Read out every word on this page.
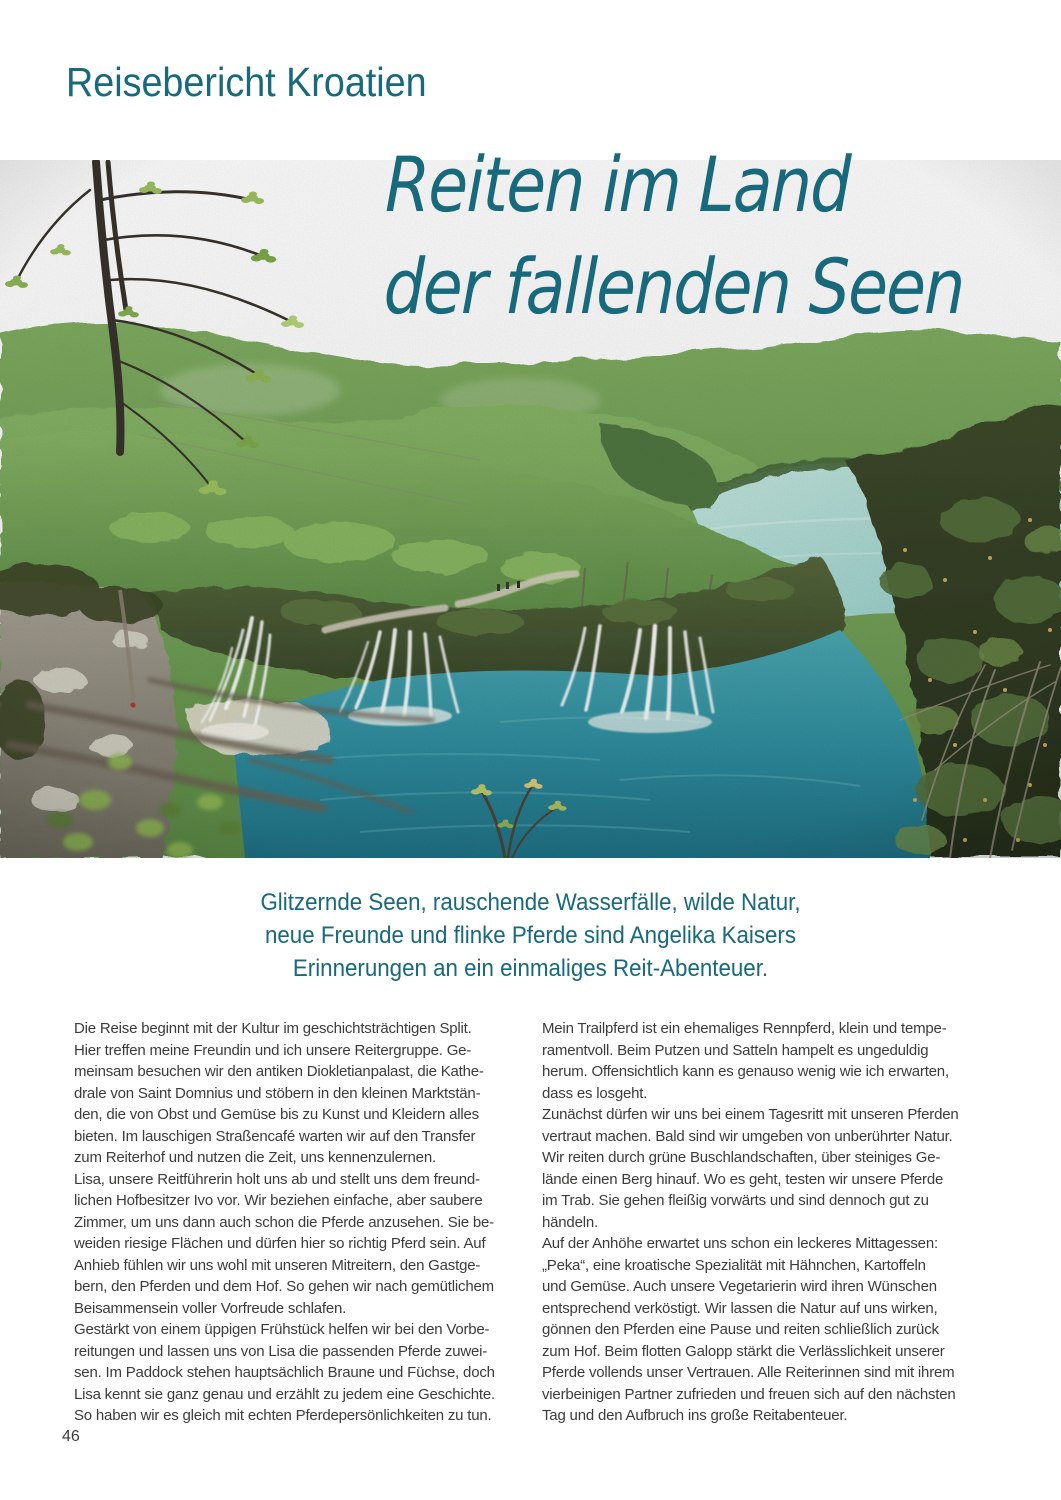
Reisebericht Kroatien
Reiten im Land
der fallenden Seen
Glitzernde Seen, rauschende Wasserfälle, wilde Natur,
neue Freunde und flinke Pferde sind Angelika Kaisers
Erinnerungen an ein einmaliges Reit-Abenteuer.
Die Reise beginnt mit der Kultur im geschichtsträchtigen Split.
Hier treffen meine Freundin und ich unsere Reitergruppe. Ge-
meinsam besuchen wir den antiken Diokletianpalast, die Kathe-
drale von Saint Domnius und stöbern in den kleinen Marktstän-
den, die von Obst und Gemüse bis zu Kunst und Kleidern alles
bieten. Im lauschigen Straßencafé warten wir auf den Transfer
zum Reiterhof und nutzen die Zeit, uns kennenzulernen.
Lisa, unsere Reitführerin holt uns ab und stellt uns dem freund-
lichen Hofbesitzer Ivo vor. Wir beziehen einfache, aber saubere
Zimmer, um uns dann auch schon die Pferde anzusehen. Sie be-
weiden riesige Flächen und dürfen hier so richtig Pferd sein. Auf
Anhieb fühlen wir uns wohl mit unseren Mitreitern, den Gastge-
bern, den Pferden und dem Hof. So gehen wir nach gemütlichem
Beisammensein voller Vorfreude schlafen.
Gestärkt von einem üppigen Frühstück helfen wir bei den Vorbe-
reitungen und lassen uns von Lisa die passenden Pferde zuwei-
sen. Im Paddock stehen hauptsächlich Braune und Füchse, doch
Lisa kennt sie ganz genau und erzählt zu jedem eine Geschichte.
So haben wir es gleich mit echten Pferdepersönlichkeiten zu tun.
Mein Trailpferd ist ein ehemaliges Rennpferd, klein und tempe-
ramentvoll. Beim Putzen und Satteln hampelt es ungeduldig
herum. Offensichtlich kann es genauso wenig wie ich erwarten,
dass es losgeht.
Zunächst dürfen wir uns bei einem Tagesritt mit unseren Pferden
vertraut machen. Bald sind wir umgeben von unberührter Natur.
Wir reiten durch grüne Buschlandschaften, über steiniges Ge-
lände einen Berg hinauf. Wo es geht, testen wir unsere Pferde
im Trab. Sie gehen fleißig vorwärts und sind dennoch gut zu
händeln.
Auf der Anhöhe erwartet uns schon ein leckeres Mittagessen:
„Peka“, eine kroatische Spezialität mit Hähnchen, Kartoffeln
und Gemüse. Auch unsere Vegetarierin wird ihren Wünschen
entsprechend verköstigt. Wir lassen die Natur auf uns wirken,
gönnen den Pferden eine Pause und reiten schließlich zurück
zum Hof. Beim flotten Galopp stärkt die Verlässlichkeit unserer
Pferde vollends unser Vertrauen. Alle Reiterinnen sind mit ihrem
vierbeinigen Partner zufrieden und freuen sich auf den nächsten
Tag und den Aufbruch ins große Reitabenteuer.
46
